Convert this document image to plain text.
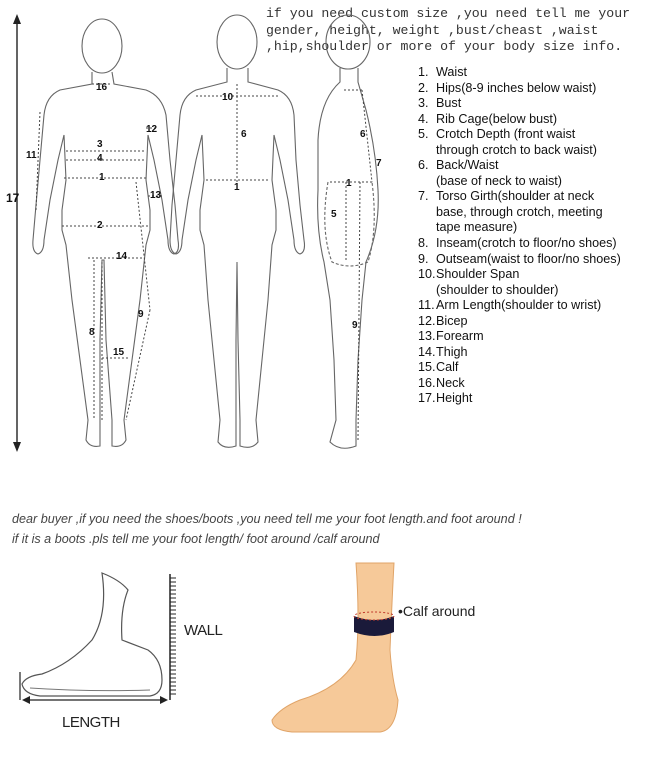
if you need custom size ,you need tell me your
gender, height, weight ,bust/cheast ,waist
,hip,shoulder or more of your body size info.
1. Waist
2. Hips(8-9 inches below waist)
3. Bust
4. Rib Cage(below bust)
5. Crotch Depth (front waist
through crotch to back waist)
6. Back/Waist
(base of neck to waist)
7. Torso Girth(shoulder at neck
base, through crotch, meeting
tape measure)
8. Inseam(crotch to floor/no shoes)
9. Outseam(waist to floor/no shoes)
10.Shoulder Span
(shoulder to shoulder)
11.Arm Length(shoulder to wrist)
12.Bicep
13.Forearm
14.Thigh
15.Calf
16.Neck
17.Height
16
3
4
1
2
11
12
13
14
9
8
15
17
10
6
1
6
7
1
5
9
dear buyer ,if you need the shoes/boots ,you need tell me your foot length.and foot around !
if it is a boots .pls tell me your foot length/ foot around /calf around
WALL
LENGTH
•Calf around
